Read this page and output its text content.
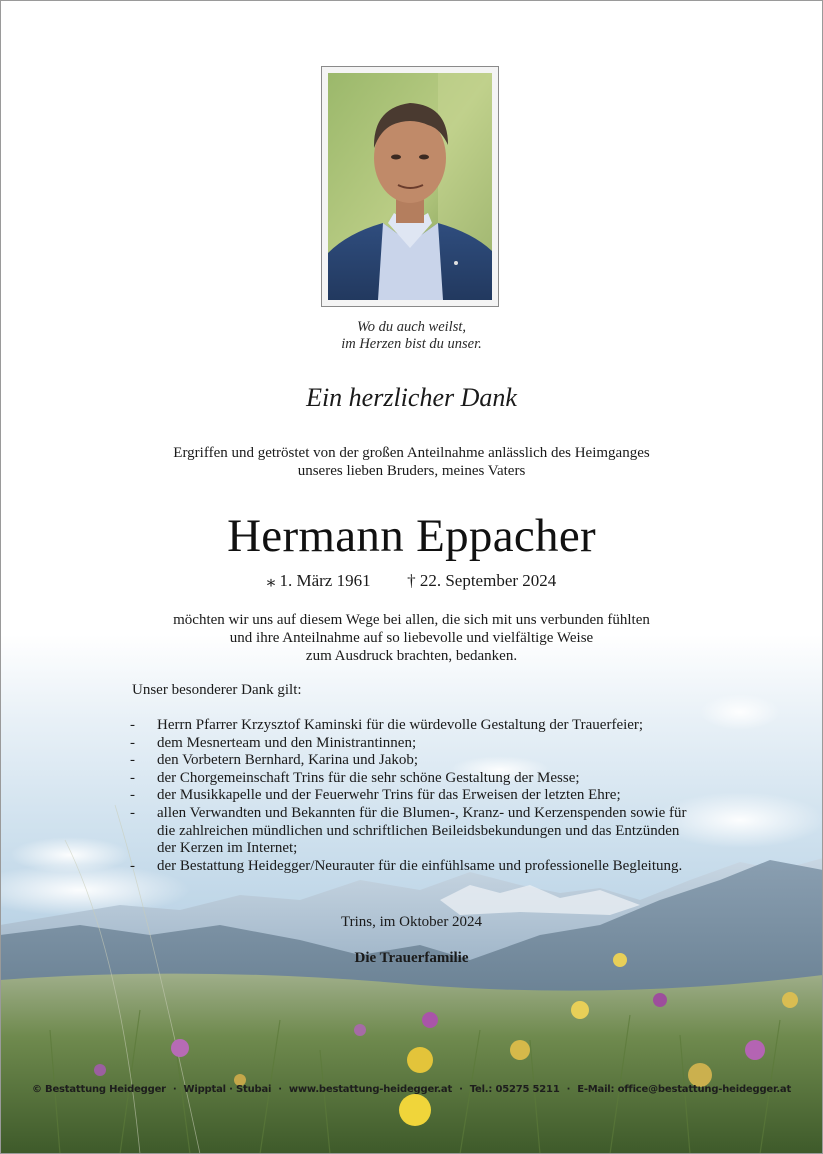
Wo du auch weilst,
im Herzen bist du unser.
Ein herzlicher Dank
Ergriffen und getröstet von der großen Anteilnahme anlässlich des Heimganges
unseres lieben Bruders, meines Vaters
Hermann Eppacher
⁎ 1. März 1961 † 22. September 2024
möchten wir uns auf diesem Wege bei allen, die sich mit uns verbunden fühlten
und ihre Anteilnahme auf so liebevolle und vielfältige Weise
zum Ausdruck brachten, bedanken.
Unser besonderer Dank gilt:
- Herrn Pfarrer Krzysztof Kaminski für die würdevolle Gestaltung der Trauerfeier;
- dem Mesnerteam und den Ministrantinnen;
- den Vorbetern Bernhard, Karina und Jakob;
- der Chorgemeinschaft Trins für die sehr schöne Gestaltung der Messe;
- der Musikkapelle und der Feuerwehr Trins für das Erweisen der letzten Ehre;
- allen Verwandten und Bekannten für die Blumen-, Kranz- und Kerzenspenden sowie für die zahlreichen mündlichen und schriftlichen Beileidsbekundungen und das Entzünden der Kerzen im Internet;
- der Bestattung Heidegger/Neurauter für die einfühlsame und professionelle Begleitung.
Trins, im Oktober 2024
Die Trauerfamilie
© Bestattung Heidegger · Wipptal · Stubai · www.bestattung-heidegger.at · Tel.: 05275 5211 · E-Mail: office@bestattung-heidegger.at
